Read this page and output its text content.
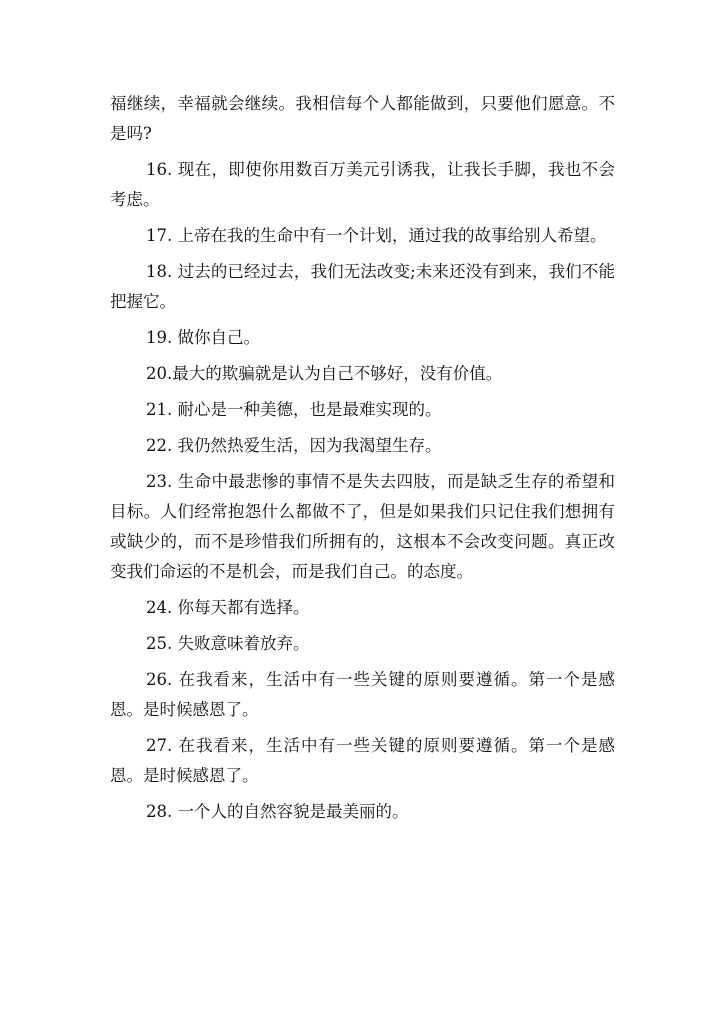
福继续，幸福就会继续。我相信每个人都能做到，只要他们愿意。不是吗?

16. 现在，即使你用数百万美元引诱我，让我长手脚，我也不会考虑。

17. 上帝在我的生命中有一个计划，通过我的故事给别人希望。

18. 过去的已经过去，我们无法改变;未来还没有到来，我们不能把握它。

19. 做你自己。

20.最大的欺骗就是认为自己不够好，没有价值。

21. 耐心是一种美德，也是最难实现的。

22. 我仍然热爱生活，因为我渴望生存。

23. 生命中最悲惨的事情不是失去四肢，而是缺乏生存的希望和目标。人们经常抱怨什么都做不了，但是如果我们只记住我们想拥有或缺少的，而不是珍惜我们所拥有的，这根本不会改变问题。真正改变我们命运的不是机会，而是我们自己。的态度。

24. 你每天都有选择。

25. 失败意味着放弃。

26. 在我看来，生活中有一些关键的原则要遵循。第一个是感恩。是时候感恩了。

27. 在我看来，生活中有一些关键的原则要遵循。第一个是感恩。是时候感恩了。

28. 一个人的自然容貌是最美丽的。
